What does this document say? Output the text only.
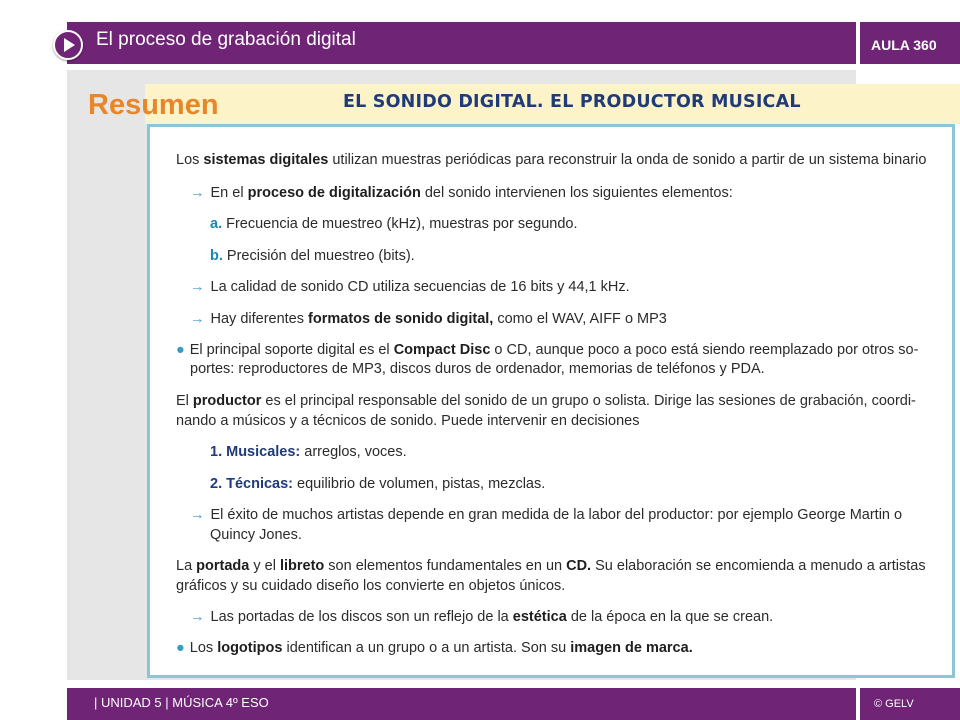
El proceso de grabación digital	AULA 360
Resumen	EL SONIDO DIGITAL. EL PRODUCTOR MUSICAL
Los sistemas digitales utilizan muestras periódicas para reconstruir la onda de sonido a partir de un sistema binario
→ En el proceso de digitalización del sonido intervienen los siguientes elementos:
a. Frecuencia de muestreo (kHz), muestras por segundo.
b. Precisión del muestreo (bits).
→ La calidad de sonido CD utiliza secuencias de 16 bits y 44,1 kHz.
→ Hay diferentes formatos de sonido digital, como el WAV, AIFF o MP3
● El principal soporte digital es el Compact Disc o CD, aunque poco a poco está siendo reemplazado por otros so-
portes: reproductores de MP3, discos duros de ordenador, memorias de teléfonos y PDA.
El productor es el principal responsable del sonido de un grupo o solista. Dirige las sesiones de grabación, coordi-
nando a músicos y a técnicos de sonido. Puede intervenir en decisiones
1. Musicales: arreglos, voces.
2. Técnicas: equilibrio de volumen, pistas, mezclas.
→ El éxito de muchos artistas depende en gran medida de la labor del productor: por ejemplo George Martin o
Quincy Jones.
La portada y el libreto son elementos fundamentales en un CD. Su elaboración se encomienda a menudo a artistas
gráficos y su cuidado diseño los convierte en objetos únicos.
→ Las portadas de los discos son un reflejo de la estética de la época en la que se crean.
● Los logotipos identifican a un grupo o a un artista. Son su imagen de marca.
| UNIDAD 5 | MÚSICA 4º ESO	© GELV
